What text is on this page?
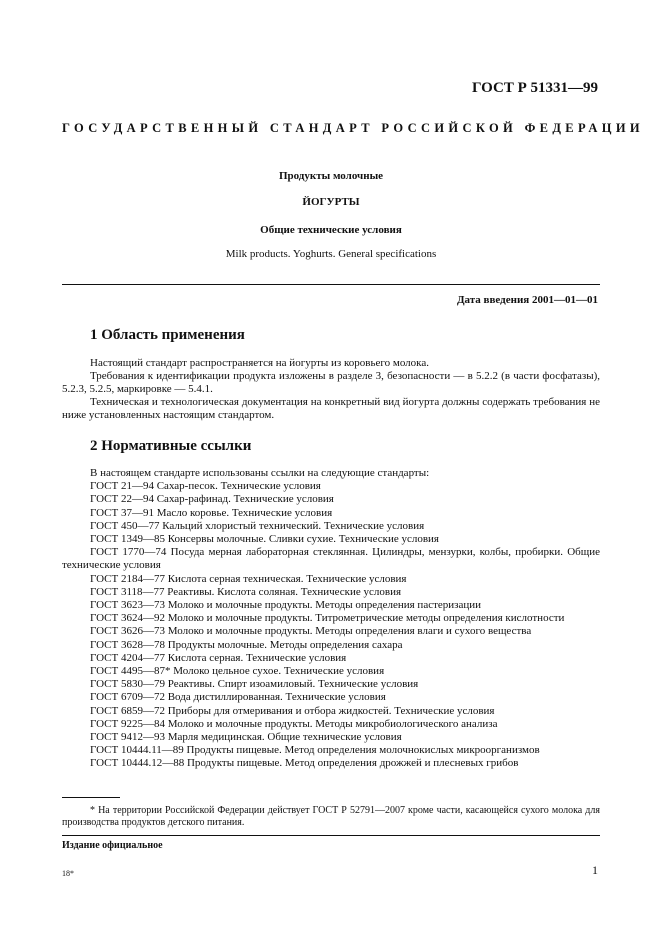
ГОСТ Р 51331—99
ГОСУДАРСТВЕННЫЙ СТАНДАРТ РОССИЙСКОЙ ФЕДЕРАЦИИ
Продукты молочные
ЙОГУРТЫ
Общие технические условия
Milk products. Yoghurts. General specifications
Дата введения 2001—01—01
1 Область применения
Настоящий стандарт распространяется на йогурты из коровьего молока.
Требования к идентификации продукта изложены в разделе 3, безопасности — в 5.2.2 (в части фосфатазы), 5.2.3, 5.2.5, маркировке — 5.4.1.
Техническая и технологическая документация на конкретный вид йогурта должны содержать требования не ниже установленных настоящим стандартом.
2 Нормативные ссылки
В настоящем стандарте использованы ссылки на следующие стандарты:
ГОСТ 21—94 Сахар-песок. Технические условия
ГОСТ 22—94 Сахар-рафинад. Технические условия
ГОСТ 37—91 Масло коровье. Технические условия
ГОСТ 450—77 Кальций хлористый технический. Технические условия
ГОСТ 1349—85 Консервы молочные. Сливки сухие. Технические условия
ГОСТ 1770—74 Посуда мерная лабораторная стеклянная. Цилиндры, мензурки, колбы, пробирки. Общие технические условия
ГОСТ 2184—77 Кислота серная техническая. Технические условия
ГОСТ 3118—77 Реактивы. Кислота соляная. Технические условия
ГОСТ 3623—73 Молоко и молочные продукты. Методы определения пастеризации
ГОСТ 3624—92 Молоко и молочные продукты. Титрометрические методы определения кислотности
ГОСТ 3626—73 Молоко и молочные продукты. Методы определения влаги и сухого вещества
ГОСТ 3628—78 Продукты молочные. Методы определения сахара
ГОСТ 4204—77 Кислота серная. Технические условия
ГОСТ 4495—87* Молоко цельное сухое. Технические условия
ГОСТ 5830—79 Реактивы. Спирт изоамиловый. Технические условия
ГОСТ 6709—72 Вода дистиллированная. Технические условия
ГОСТ 6859—72 Приборы для отмеривания и отбора жидкостей. Технические условия
ГОСТ 9225—84 Молоко и молочные продукты. Методы микробиологического анализа
ГОСТ 9412—93 Марля медицинская. Общие технические условия
ГОСТ 10444.11—89 Продукты пищевые. Метод определения молочнокислых микроорганизмов
ГОСТ 10444.12—88 Продукты пищевые. Метод определения дрожжей и плесневых грибов
* На территории Российской Федерации действует ГОСТ Р 52791—2007 кроме части, касающейся сухого молока для производства продуктов детского питания.
Издание официальное
18*	1
